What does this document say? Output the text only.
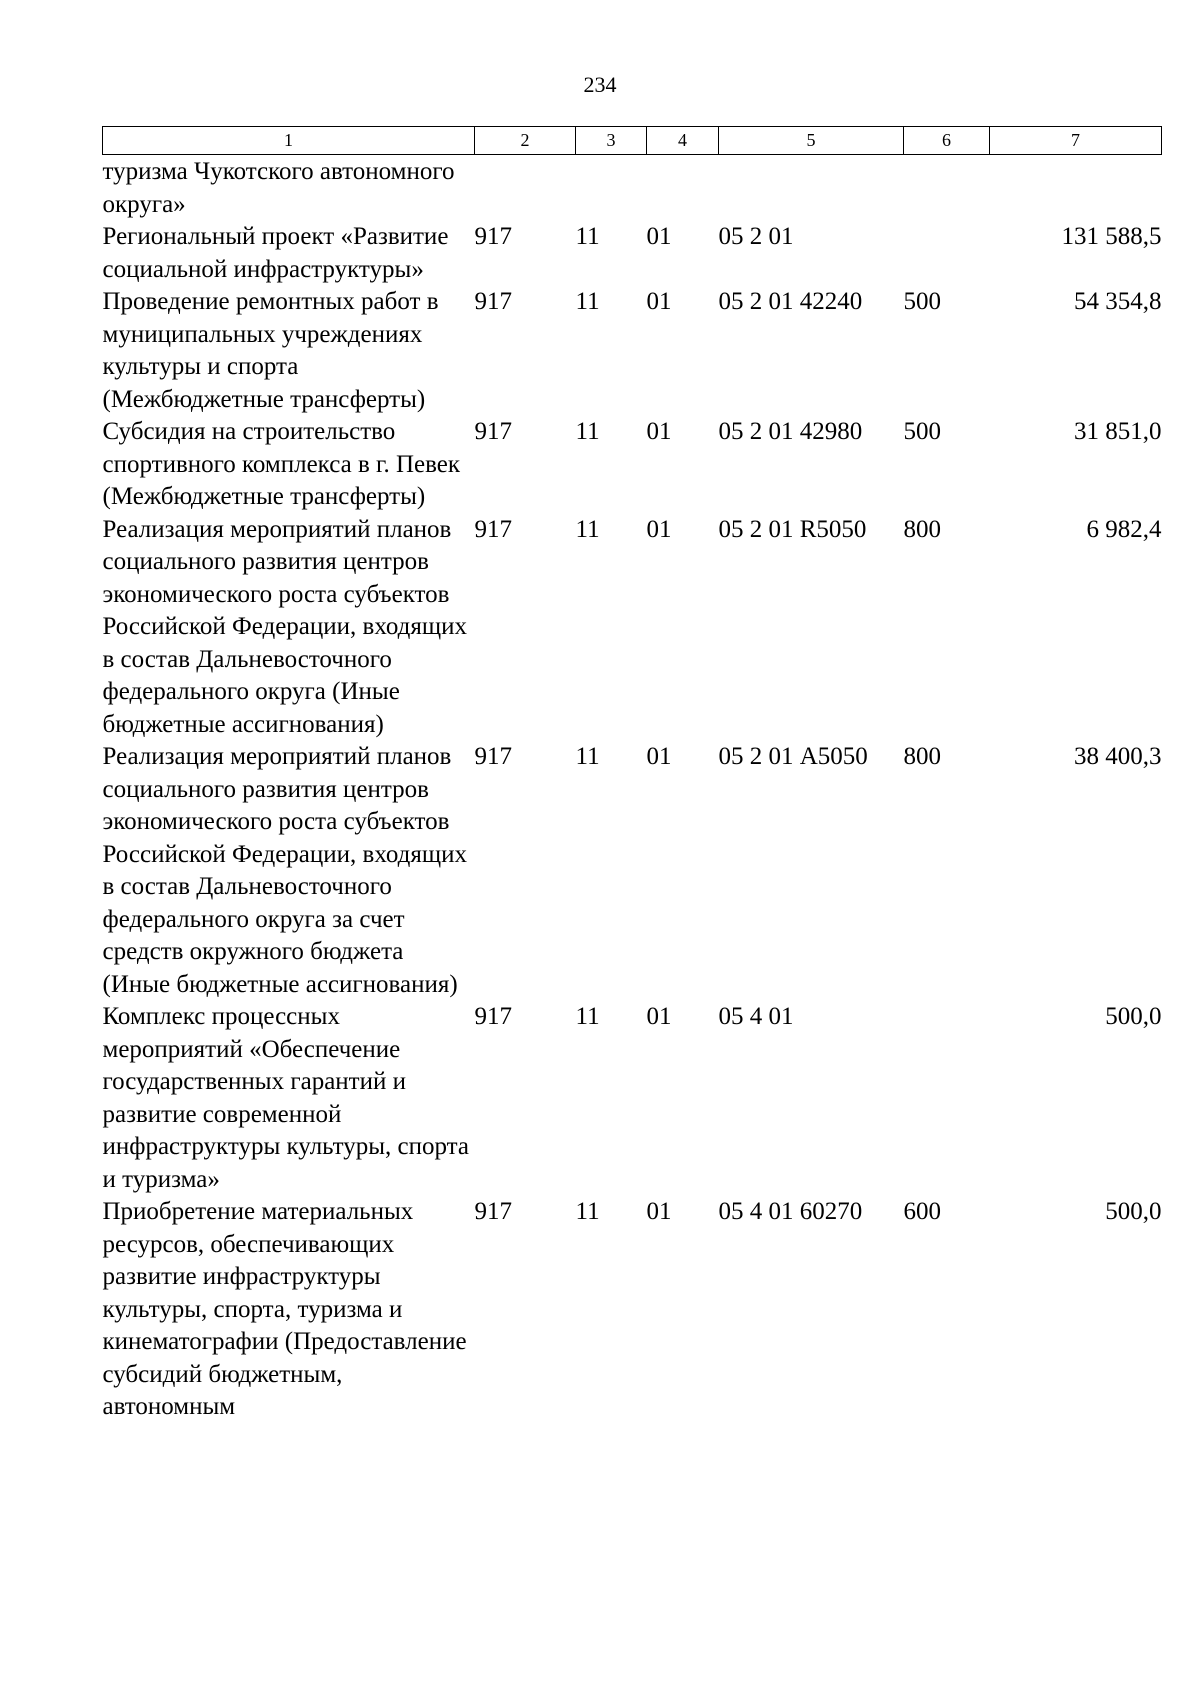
234
1	2	3	4	5	6	7
туризма Чукотского автономного округа»						
Региональный проект «Развитие социальной инфраструктуры»	917	11	01	05 2 01		131 588,5
Проведение ремонтных работ в муниципальных учреждениях культуры и спорта (Межбюджетные трансферты)	917	11	01	05 2 01 42240	500	54 354,8
Субсидия на строительство спортивного комплекса в г. Певек (Межбюджетные трансферты)	917	11	01	05 2 01 42980	500	31 851,0
Реализация мероприятий планов социального развития центров экономического роста субъектов Российской Федерации, входящих в состав Дальневосточного федерального округа (Иные бюджетные ассигнования)	917	11	01	05 2 01 R5050	800	6 982,4
Реализация мероприятий планов социального развития центров экономического роста субъектов Российской Федерации, входящих в состав Дальневосточного федерального округа за счет средств окружного бюджета (Иные бюджетные ассигнования)	917	11	01	05 2 01 А5050	800	38 400,3
Комплекс процессных мероприятий «Обеспечение государственных гарантий и развитие современной инфраструктуры культуры, спорта и туризма»	917	11	01	05 4 01		500,0
Приобретение материальных ресурсов, обеспечивающих развитие инфраструктуры культуры, спорта, туризма и кинематографии (Предоставление субсидий бюджетным, автономным	917	11	01	05 4 01 60270	600	500,0
